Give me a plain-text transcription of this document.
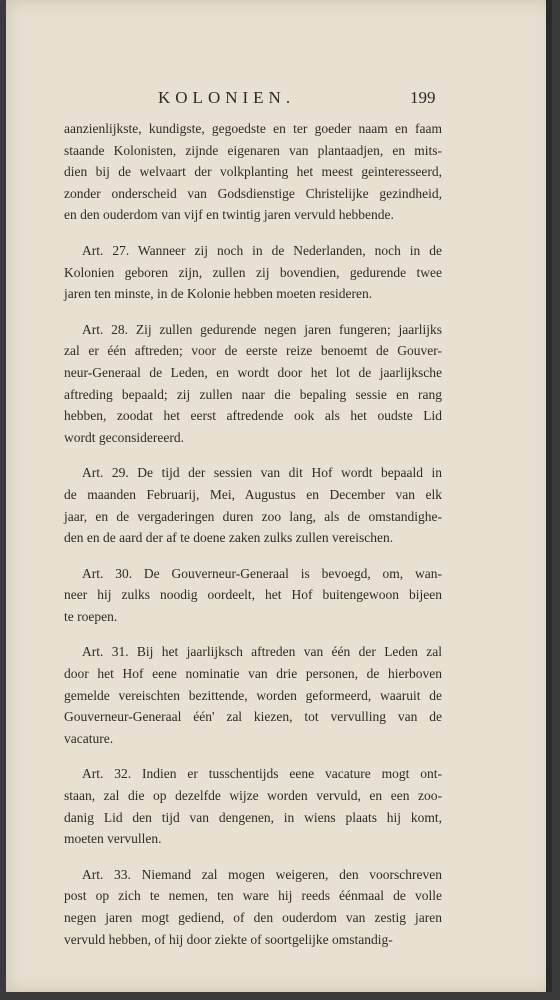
KOLONIEN.	199
aanzienlijkste, kundigste, gegoedste en ter goeder naam en faam
staande Kolonisten, zijnde eigenaren van plantaadjen, en mits-
dien bij de welvaart der volkplanting het meest geinteresseerd,
zonder onderscheid van Godsdienstige Christelijke gezindheid,
en den ouderdom van vijf en twintig jaren vervuld hebbende.
Art. 27. Wanneer zij noch in de Nederlanden, noch in de
Kolonien geboren zijn, zullen zij bovendien, gedurende twee
jaren ten minste, in de Kolonie hebben moeten resideren.
Art. 28. Zij zullen gedurende negen jaren fungeren; jaarlijks
zal er één aftreden; voor de eerste reize benoemt de Gouver-
neur-Generaal de Leden, en wordt door het lot de jaarlijksche
aftreding bepaald; zij zullen naar die bepaling sessie en rang
hebben, zoodat het eerst aftredende ook als het oudste Lid
wordt geconsidereerd.
Art. 29. De tijd der sessien van dit Hof wordt bepaald in
de maanden Februarij, Mei, Augustus en December van elk
jaar, en de vergaderingen duren zoo lang, als de omstandighe-
den en de aard der af te doene zaken zulks zullen vereischen.
Art. 30. De Gouverneur-Generaal is bevoegd, om, wan-
neer hij zulks noodig oordeelt, het Hof buitengewoon bijeen
te roepen.
Art. 31. Bij het jaarlijksch aftreden van één der Leden zal
door het Hof eene nominatie van drie personen, de hierboven
gemelde vereischten bezittende, worden geformeerd, waaruit de
Gouverneur-Generaal één' zal kiezen, tot vervulling van de
vacature.
Art. 32. Indien er tusschentijds eene vacature mogt ont-
staan, zal die op dezelfde wijze worden vervuld, en een zoo-
danig Lid den tijd van dengenen, in wiens plaats hij komt,
moeten vervullen.
Art. 33. Niemand zal mogen weigeren, den voorschreven
post op zich te nemen, ten ware hij reeds éénmaal de volle
negen jaren mogt gediend, of den ouderdom van zestig jaren
vervuld hebben, of hij door ziekte of soortgelijke omstandig-
